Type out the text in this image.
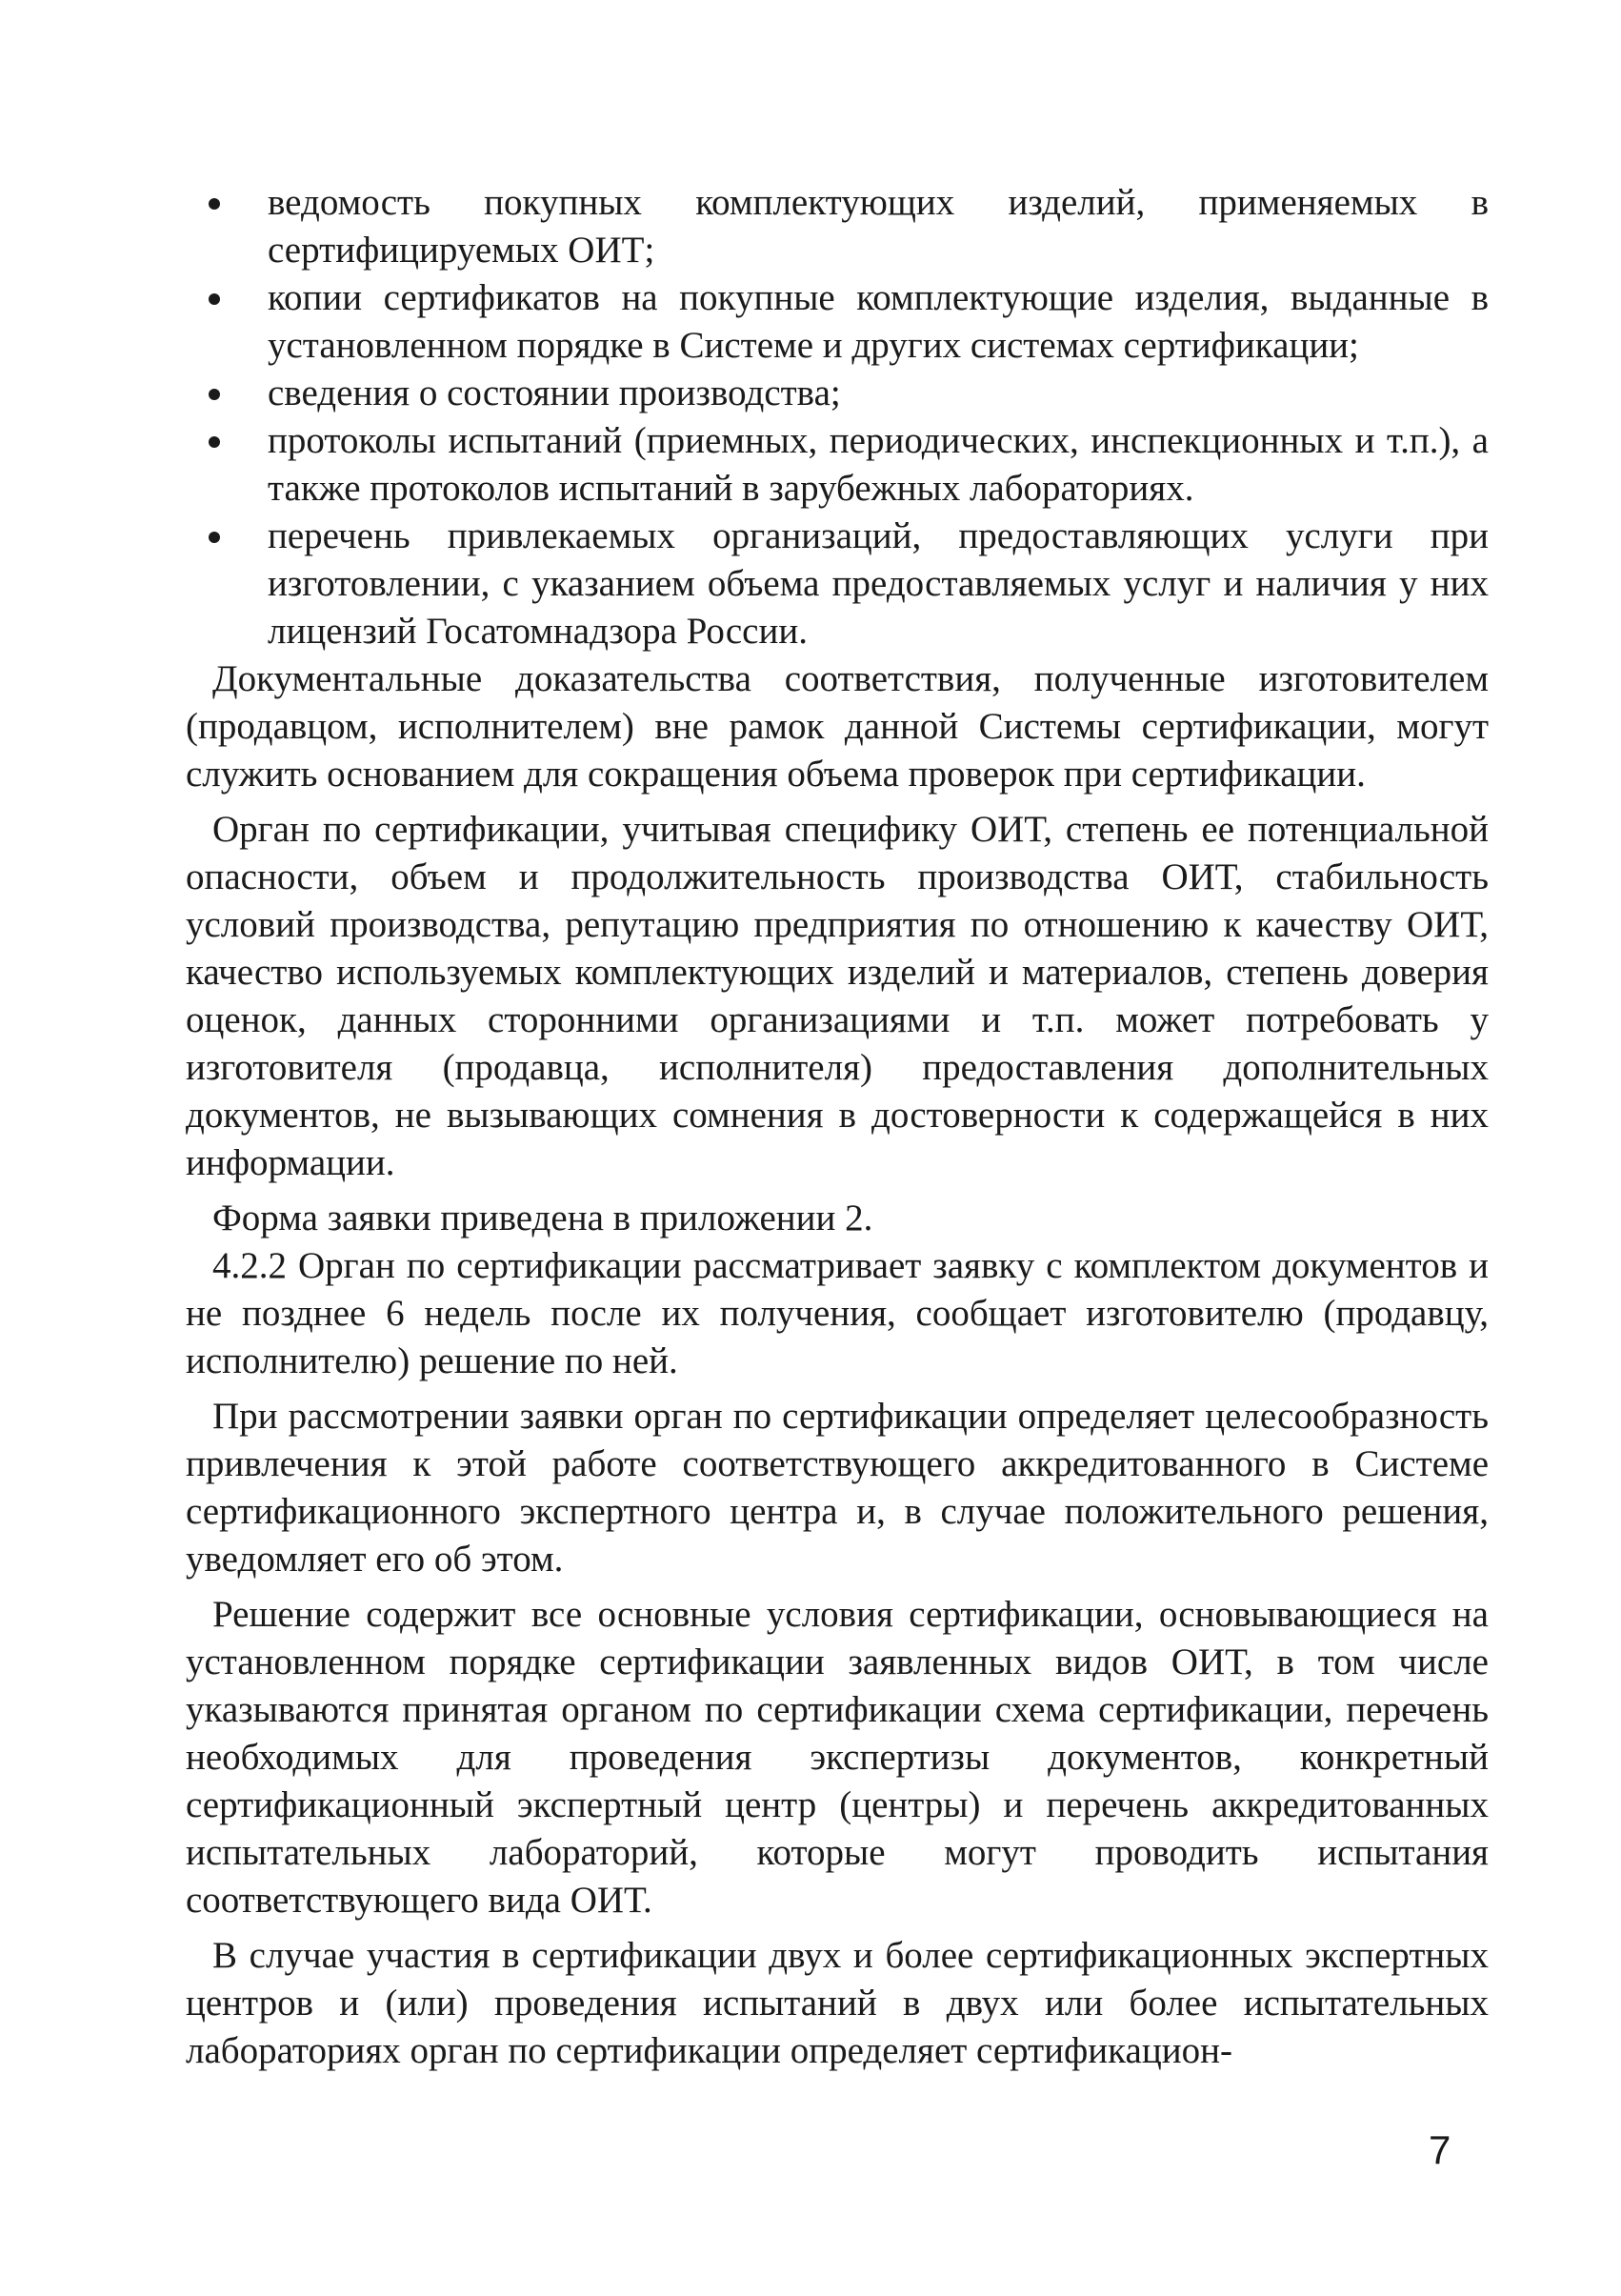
ведомость покупных комплектующих изделий, применяемых в сертифицируемых ОИТ;
копии сертификатов на покупные комплектующие изделия, выданные в установленном порядке в Системе и других системах сертификации;
сведения о состоянии производства;
протоколы испытаний (приемных, периодических, инспекционных и т.п.), а также протоколов испытаний в зарубежных лабораториях.
перечень привлекаемых организаций, предоставляющих услуги при изготовлении, с указанием объема предоставляемых услуг и наличия у них лицензий Госатомнадзора России.

Документальные доказательства соответствия, полученные изготовителем (продавцом, исполнителем) вне рамок данной Системы сертификации, могут служить основанием для сокращения объема проверок при сертификации.

Орган по сертификации, учитывая специфику ОИТ, степень ее потенциальной опасности, объем и продолжительность производства ОИТ, стабильность условий производства, репутацию предприятия по отношению к качеству ОИТ, качество используемых комплектующих изделий и материалов, степень доверия оценок, данных сторонними организациями и т.п. может потребовать у изготовителя (продавца, исполнителя) предоставления дополнительных документов, не вызывающих сомнения в достоверности к содержащейся в них информации.

Форма заявки приведена в приложении 2.

4.2.2 Орган по сертификации рассматривает заявку с комплектом документов и не позднее 6 недель после их получения, сообщает изготовителю (продавцу, исполнителю) решение по ней.

При рассмотрении заявки орган по сертификации определяет целесообразность привлечения к этой работе соответствующего аккредитованного в Системе сертификационного экспертного центра и, в случае положительного решения, уведомляет его об этом.

Решение содержит все основные условия сертификации, основывающиеся на установленном порядке сертификации заявленных видов ОИТ, в том числе указываются принятая органом по сертификации схема сертификации, перечень необходимых для проведения экспертизы документов, конкретный сертификационный экспертный центр (центры) и перечень аккредитованных испытательных лабораторий, которые могут проводить испытания соответствующего вида ОИТ.

В случае участия в сертификации двух и более сертификационных экспертных центров и (или) проведения испытаний в двух или более испытательных лабораториях орган по сертификации определяет сертификацион-

7
